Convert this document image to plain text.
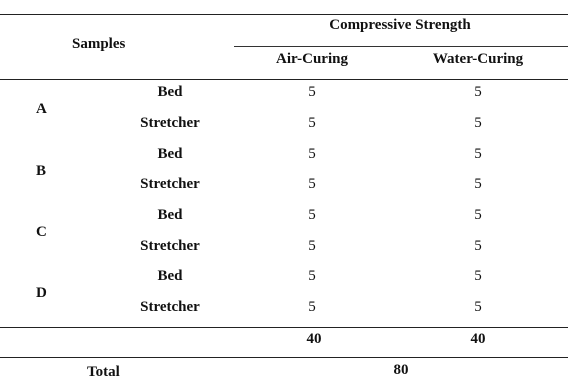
Samples
Compressive Strength
Air-Curing	Water-Curing
A
Bed	5	5
Stretcher	5	5
B
Bed	5	5
Stretcher	5	5
C
Bed	5	5
Stretcher	5	5
D
Bed	5	5
Stretcher	5	5
40	40
Total	80
